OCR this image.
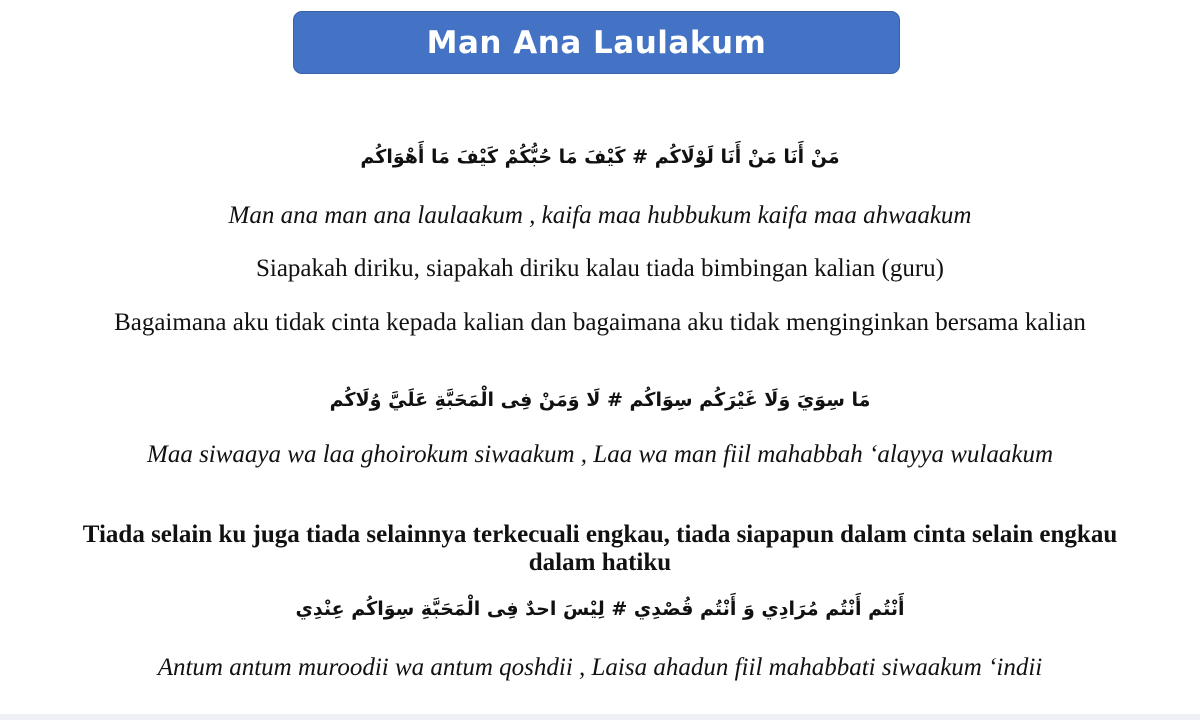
Man Ana Laulakum
مَنْ أَنَا مَنْ أَنَا لَوْلَاكُم # كَيْفَ مَا حُبُّكُمْ كَيْفَ مَا أَهْوَاكُم
Man ana man ana laulaakum , kaifa maa hubbukum kaifa maa ahwaakum
Siapakah diriku, siapakah diriku kalau tiada bimbingan kalian (guru)
Bagaimana aku tidak cinta kepada kalian dan bagaimana aku tidak menginginkan bersama kalian
مَا سِوَيَ وَلَا غَيْرَكُم سِوَاكُم # لَا وَمَنْ فِى الْمَحَبَّةِ عَلَيَّ وُلَاكُم
Maa siwaaya wa laa ghoirokum siwaakum , Laa wa man fiil mahabbah ‘alayya wulaakum
Tiada selain ku juga tiada selainnya terkecuali engkau, tiada siapapun dalam cinta selain engkau dalam hatiku
أَنْتُم أَنْتُم مُرَادِي وَ أَنْتُم قُصْدِي # لِيْسَ احدٌ فِى الْمَحَبَّةِ سِوَاكُم عِنْدِي
Antum antum muroodii wa antum qoshdii , Laisa ahadun fiil mahabbati siwaakum ‘indii
